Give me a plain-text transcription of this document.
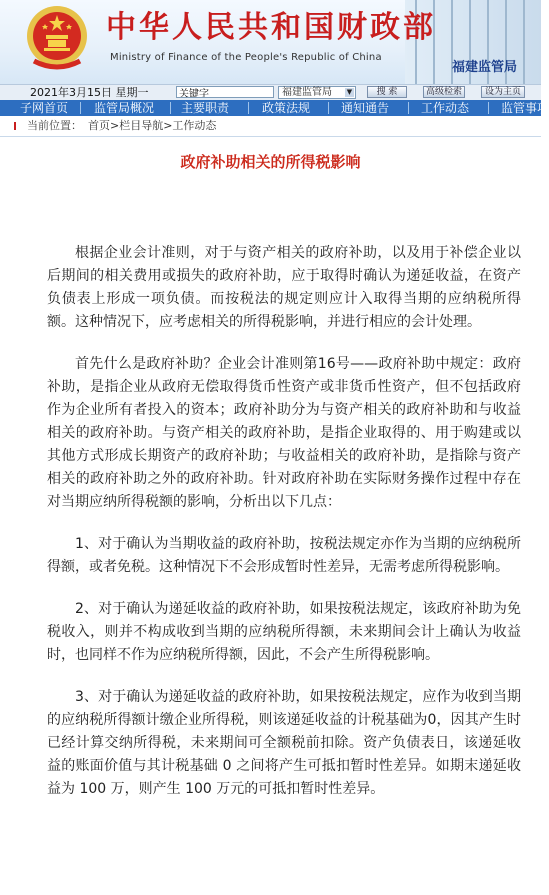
中华人民共和国财政部
Ministry of Finance of the People's Republic of China
福建监管局
2021年3月15日 星期一
关键字	福建监管局 ▼	搜 索	高级检索	设为主页
子网首页 监管局概况 主要职责	政策法规	通知通告	工作动态	监管事项
当前位置： 首页>栏目导航>工作动态
政府补助相关的所得税影响

根据企业会计准则，对于与资产相关的政府补助，以及用于补偿企业以后期间的相关费用或损失的政府补助，应于取得时确认为递延收益，在资产负债表上形成一项负债。而按税法的规定则应计入取得当期的应纳税所得额。这种情况下，应考虑相关的所得税影响，并进行相应的会计处理。

首先什么是政府补助？企业会计准则第16号——政府补助中规定：政府补助，是指企业从政府无偿取得货币性资产或非货币性资产，但不包括政府作为企业所有者投入的资本；政府补助分为与资产相关的政府补助和与收益相关的政府补助。与资产相关的政府补助，是指企业取得的、用于购建或以其他方式形成长期资产的政府补助；与收益相关的政府补助，是指除与资产相关的政府补助之外的政府补助。针对政府补助在实际财务操作过程中存在对当期应纳所得税额的影响，分析出以下几点：

1、对于确认为当期收益的政府补助，按税法规定亦作为当期的应纳税所得额，或者免税。这种情况下不会形成暂时性差异，无需考虑所得税影响。

2、对于确认为递延收益的政府补助，如果按税法规定，该政府补助为免税收入，则并不构成收到当期的应纳税所得额，未来期间会计上确认为收益时，也同样不作为应纳税所得额，因此，不会产生所得税影响。

3、对于确认为递延收益的政府补助，如果按税法规定，应作为收到当期的应纳税所得额计缴企业所得税，则该递延收益的计税基础为0，因其产生时已经计算交纳所得税，未来期间可全额税前扣除。资产负债表日，该递延收益的账面价值与其计税基础 0 之间将产生可抵扣暂时性差异。如期末递延收益为 100 万，则产生 100 万元的可抵扣暂时性差异。
